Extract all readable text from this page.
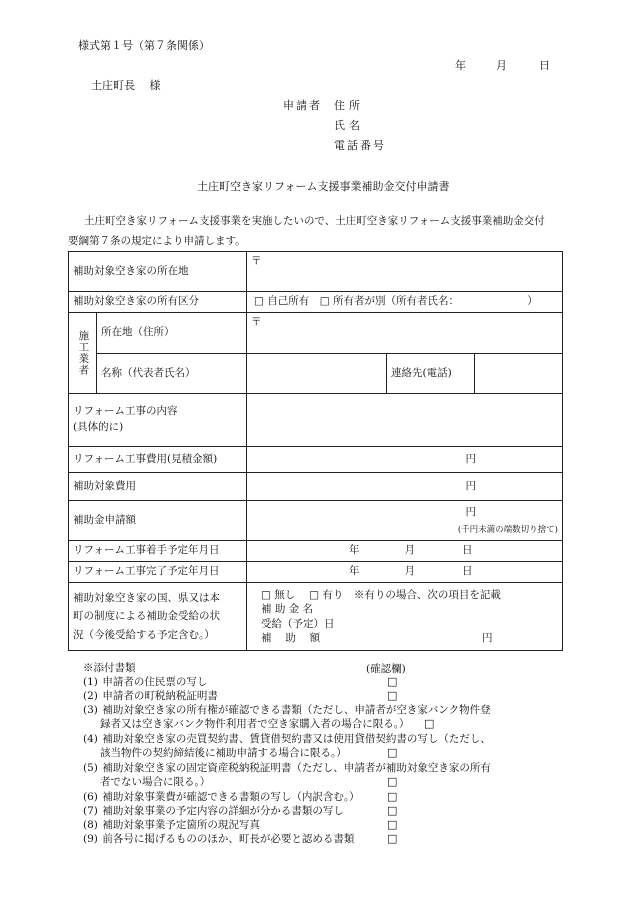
様式第１号（第７条関係）
年	月	日
土庄町長　 様
申請者 住所
氏名
電話番号
土庄町空き家リフォーム支援事業補助金交付申請書
土庄町空き家リフォーム支援事業を実施したいので、土庄町空き家リフォーム支援事業補助金交付
要綱第７条の規定により申請します。
補助対象空き家の所在地		〒		
補助対象空き家の所有区分		□ 自己所有　□ 所有者が別（所有者氏名：　　　　　　　）		
施工業者	所在地（住所）	〒		
	名称（代表者氏名）		連絡先(電話)	
リフォーム工事の内容
(具体的に)				
リフォーム工事費用(見積金額)		円		
補助対象費用		円		
補助金申請額		円
(千円未満の端数切り捨て)		
リフォーム工事着手予定年月日		年 月 日		
リフォーム工事完了予定年月日		年 月 日		
補助対象空き家の国、県又は本
町の制度による補助金受給の状
況（今後受給する予定含む。）		□ 無し　 □ 有り　※有りの場合、次の項目を記載
補 助 金 名
受給（予定）日
補　 助　 額 円		
※添付書類	(確認欄)
(1) 申請者の住民票の写し	□
(2) 申請者の町税納税証明書	□
(3) 補助対象空き家の所有権が確認できる書類（ただし、申請者が空き家バンク物件登
録者又は空き家バンク物件利用者で空き家購入者の場合に限る。） □
(4) 補助対象空き家の売買契約書、賃貸借契約書又は使用貸借契約書の写し（ただし、
該当物件の契約締結後に補助申請する場合に限る。）	□
(5) 補助対象空き家の固定資産税納税証明書（ただし、申請者が補助対象空き家の所有
者でない場合に限る。）	□
(6) 補助対象事業費が確認できる書類の写し（内訳含む。） □
(7) 補助対象事業の予定内容の詳細が分かる書類の写し	□
(8) 補助対象事業予定箇所の現況写真	□
(9) 前各号に掲げるもののほか、町長が必要と認める書類	□
